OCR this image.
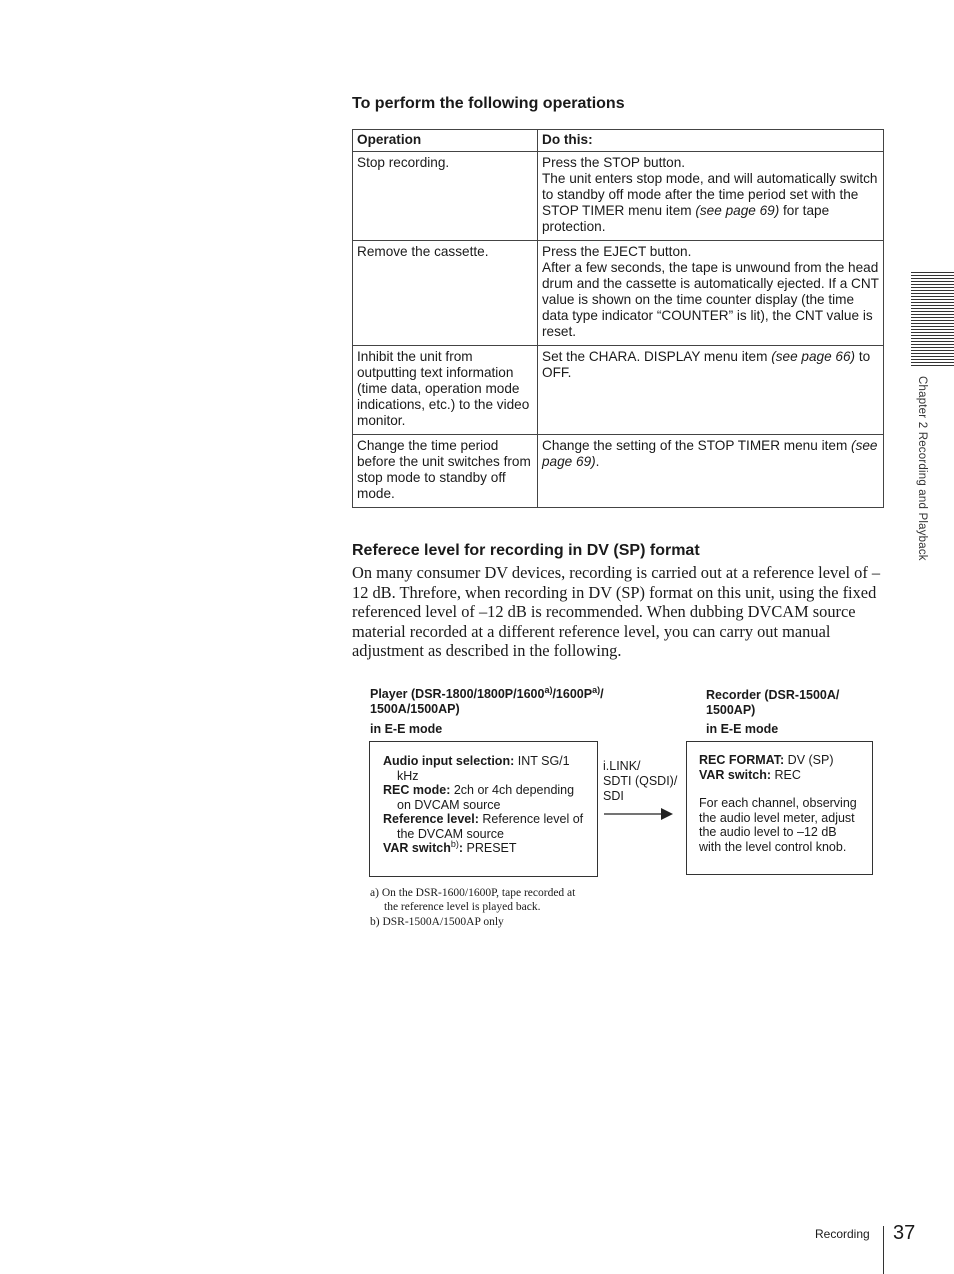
To perform the following operations
Operation	Do this:
Stop recording.	Press the STOP button.
The unit enters stop mode, and will automatically switch to standby off mode after the time period set with the STOP TIMER menu item (see page 69) for tape protection.
Remove the cassette.	Press the EJECT button.
After a few seconds, the tape is unwound from the head drum and the cassette is automatically ejected. If a CNT value is shown on the time counter display (the time data type indicator “COUNTER” is lit), the CNT value is reset.

Inhibit the unit from outputting text information (time data, operation mode indications, etc.) to the video monitor.	Set the CHARA. DISPLAY menu item (see page 66) to OFF.
Change the time period before the unit switches from stop mode to standby off mode.	Change the setting of the STOP TIMER menu item (see page 69).
Referece level for recording in DV (SP) format

On many consumer DV devices, recording is carried out at a reference level of –12 dB. Threfore, when recording in DV (SP) format on this unit, using the fixed referenced level of –12 dB is recommended. When dubbing DVCAM source material recorded at a different reference level, you can carry out manual adjustment as described in the following.

Player ($DSR-1800/1800P/1600^{a)}/1600P^{a)}/$
1500A/1500AP)
in E-E mode
Audio input selection: INT SG/1 kHz
REC mode: 2ch or 4ch depending on DVCAM source
Reference level: Reference level of the DVCAM source
VAR switch$^{b)}$: PRESET
i.LINK/
SDTI (QSDI)/
SDI
Recorder (DSR-1500A/
1500AP)
in E-E mode
REC FORMAT: DV (SP)
VAR switch: REC
For each channel, observing the audio level meter, adjust the audio level to –12 dB with the level control knob.
a) On the DSR-1600/1600P, tape recorded at
the reference level is played back.
b) DSR-1500A/1500AP only
Chapter 2 Recording and Playback
Recording 37
